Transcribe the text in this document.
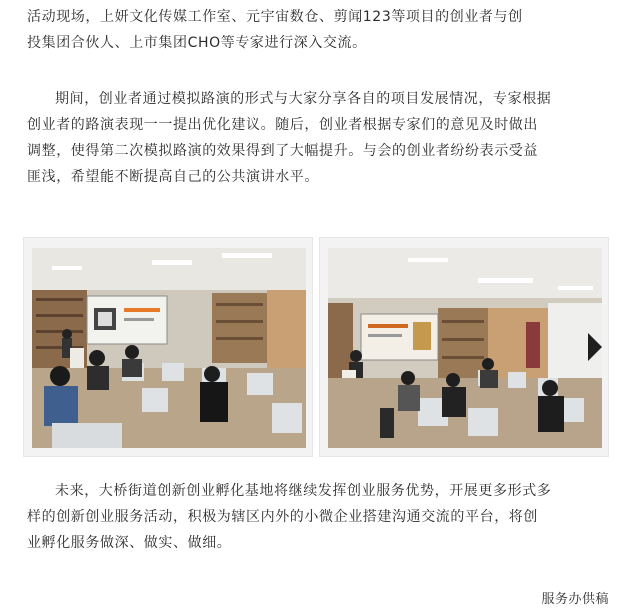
活动现场，上妍文化传媒工作室、元宇宙数仓、剪闻123等项目的创业者与创
投集团合伙人、上市集团CHO等专家进行深入交流。
期间，创业者通过模拟路演的形式与大家分享各自的项目发展情况，专家根据
创业者的路演表现一一提出优化建议。随后，创业者根据专家们的意见及时做出
调整，使得第二次模拟路演的效果得到了大幅提升。与会的创业者纷纷表示受益
匪浅，希望能不断提高自己的公共演讲水平。
未来，大桥街道创新创业孵化基地将继续发挥创业服务优势，开展更多形式多
样的创新创业服务活动，积极为辖区内外的小微企业搭建沟通交流的平台，将创
业孵化服务做深、做实、做细。
服务办供稿
